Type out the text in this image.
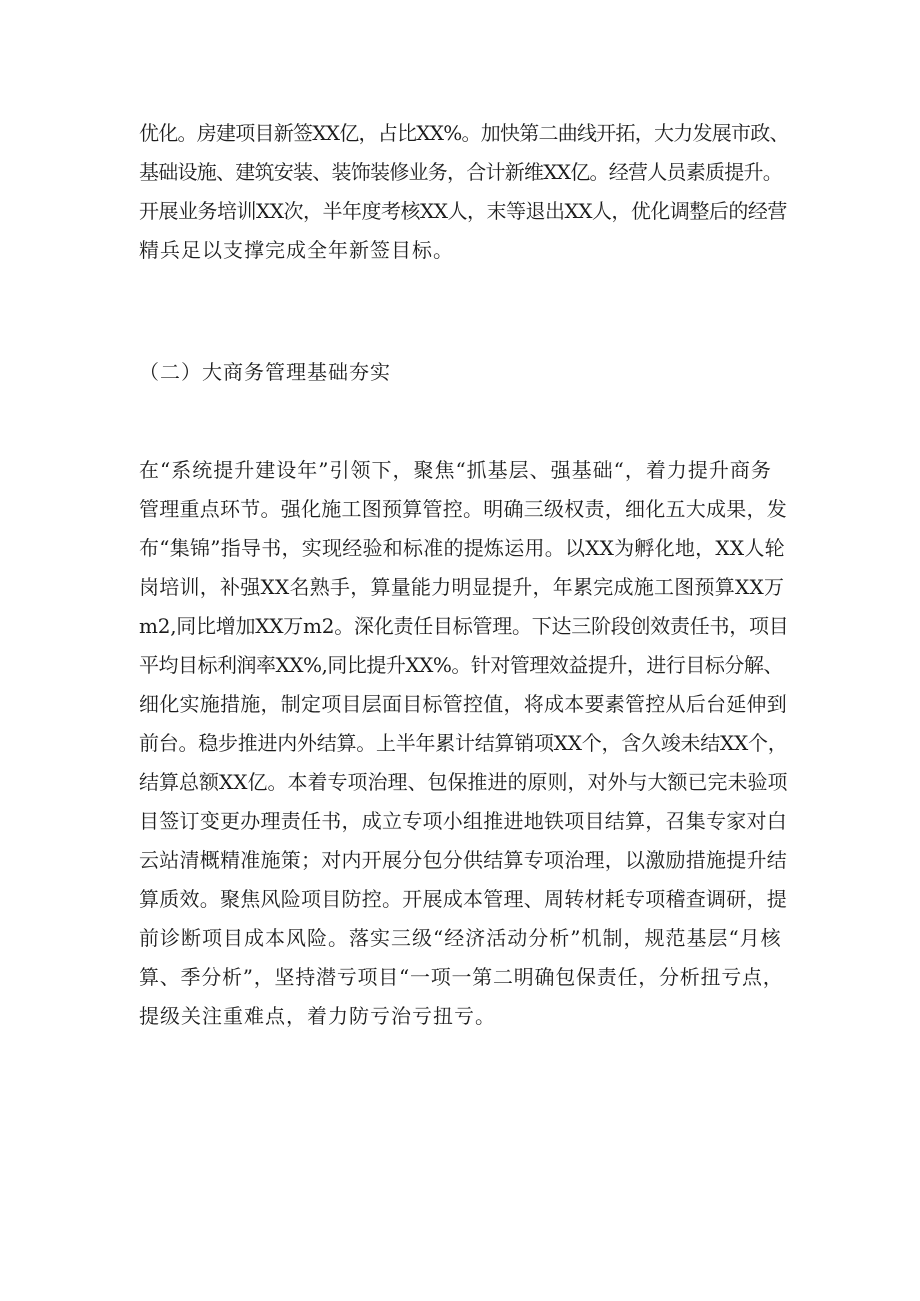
优化。房建项目新签XX亿，占比XX%。加快第二曲线开拓，大力发展市政、
基础设施、建筑安装、装饰装修业务，合计新维XX亿。经营人员素质提升。
开展业务培训XX次，半年度考核XX人，末等退出XX人，优化调整后的经营
精兵足以支撑完成全年新签目标。
（二）大商务管理基础夯实
在“系统提升建设年”引领下，聚焦“抓基层、强基础“，着力提升商务
管理重点环节。强化施工图预算管控。明确三级权责，细化五大成果，发
布“集锦”指导书，实现经验和标准的提炼运用。以XX为孵化地，XX人轮
岗培训，补强XX名熟手，算量能力明显提升，年累完成施工图预算XX万
m2,同比增加XX万m2。深化责任目标管理。下达三阶段创效责任书，项目
平均目标利润率XX%,同比提升XX%。针对管理效益提升，进行目标分解、
细化实施措施，制定项目层面目标管控值，将成本要素管控从后台延伸到
前台。稳步推进内外结算。上半年累计结算销项XX个，含久竣未结XX个，
结算总额XX亿。本着专项治理、包保推进的原则，对外与大额已完未验项
目签订变更办理责任书，成立专项小组推进地铁项目结算，召集专家对白
云站清概精准施策；对内开展分包分供结算专项治理，以激励措施提升结
算质效。聚焦风险项目防控。开展成本管理、周转材耗专项稽查调研，提
前诊断项目成本风险。落实三级“经济活动分析”机制，规范基层“月核
算、季分析”，坚持潜亏项目“一项一第二明确包保责任，分析扭亏点，
提级关注重难点，着力防亏治亏扭亏。
